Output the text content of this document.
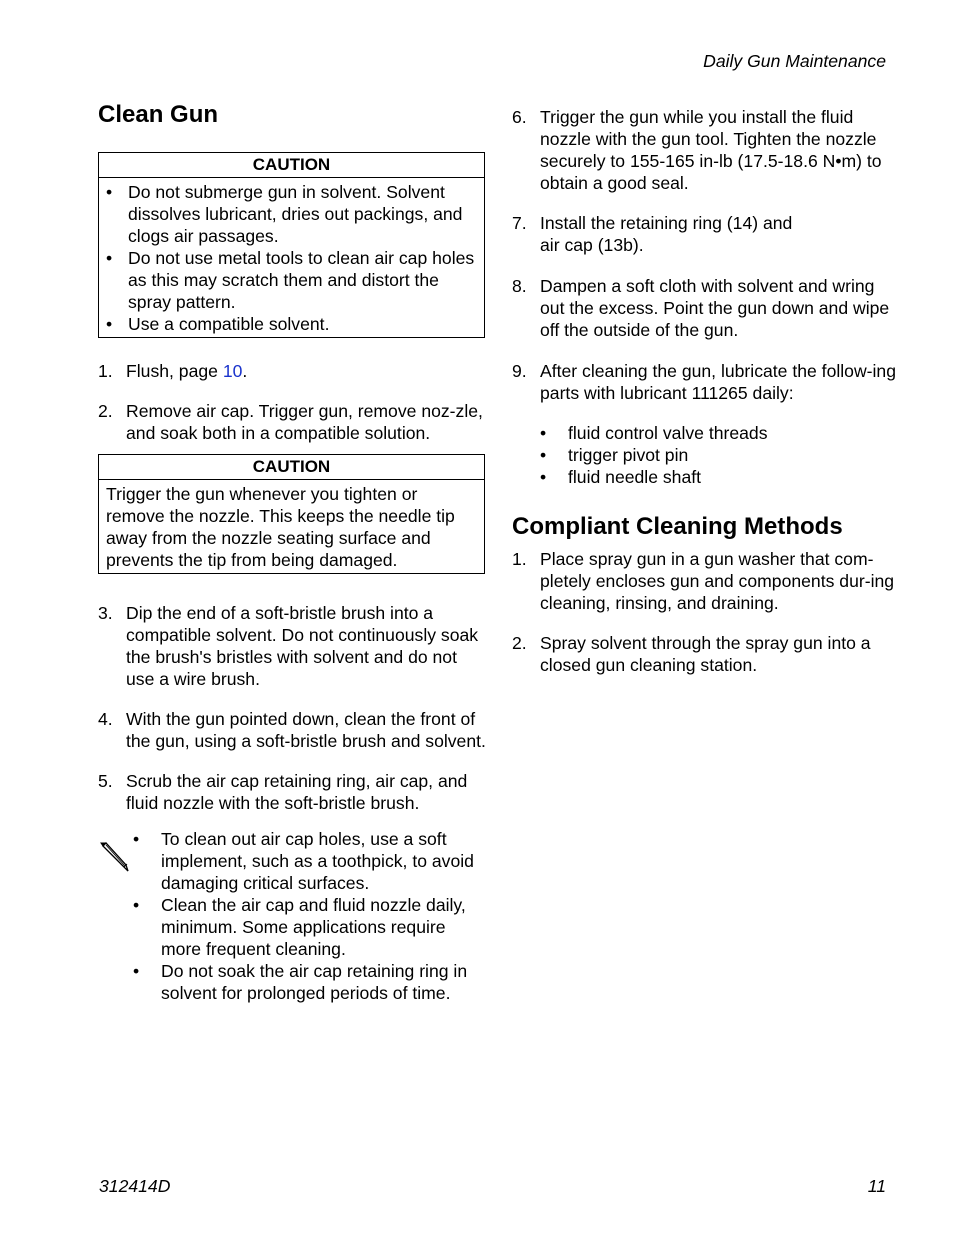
Daily Gun Maintenance
Clean Gun
CAUTION
• Do not submerge gun in solvent. Solvent dissolves lubricant, dries out packings, and clogs air passages.
• Do not use metal tools to clean air cap holes as this may scratch them and distort the spray pattern.
• Use a compatible solvent.
1. Flush, page 10.
2. Remove air cap. Trigger gun, remove noz-zle, and soak both in a compatible solution.
CAUTION
Trigger the gun whenever you tighten or remove the nozzle. This keeps the needle tip away from the nozzle seating surface and prevents the tip from being damaged.
3. Dip the end of a soft-bristle brush into a compatible solvent. Do not continuously soak the brush's bristles with solvent and do not use a wire brush.
4. With the gun pointed down, clean the front of the gun, using a soft-bristle brush and solvent.
5. Scrub the air cap retaining ring, air cap, and fluid nozzle with the soft-bristle brush.
• To clean out air cap holes, use a soft implement, such as a toothpick, to avoid damaging critical surfaces.
• Clean the air cap and fluid nozzle daily, minimum. Some applications require more frequent cleaning.
• Do not soak the air cap retaining ring in solvent for prolonged periods of time.
6. Trigger the gun while you install the fluid nozzle with the gun tool. Tighten the nozzle securely to 155-165 in-lb (17.5-18.6 N•m) to obtain a good seal.
7. Install the retaining ring (14) and
air cap (13b).
8. Dampen a soft cloth with solvent and wring out the excess. Point the gun down and wipe off the outside of the gun.
9. After cleaning the gun, lubricate the follow-ing parts with lubricant 111265 daily:
• fluid control valve threads
• trigger pivot pin
• fluid needle shaft
Compliant Cleaning Methods
1. Place spray gun in a gun washer that com-pletely encloses gun and components dur-ing cleaning, rinsing, and draining.
2. Spray solvent through the spray gun into a closed gun cleaning station.
312414D	11
